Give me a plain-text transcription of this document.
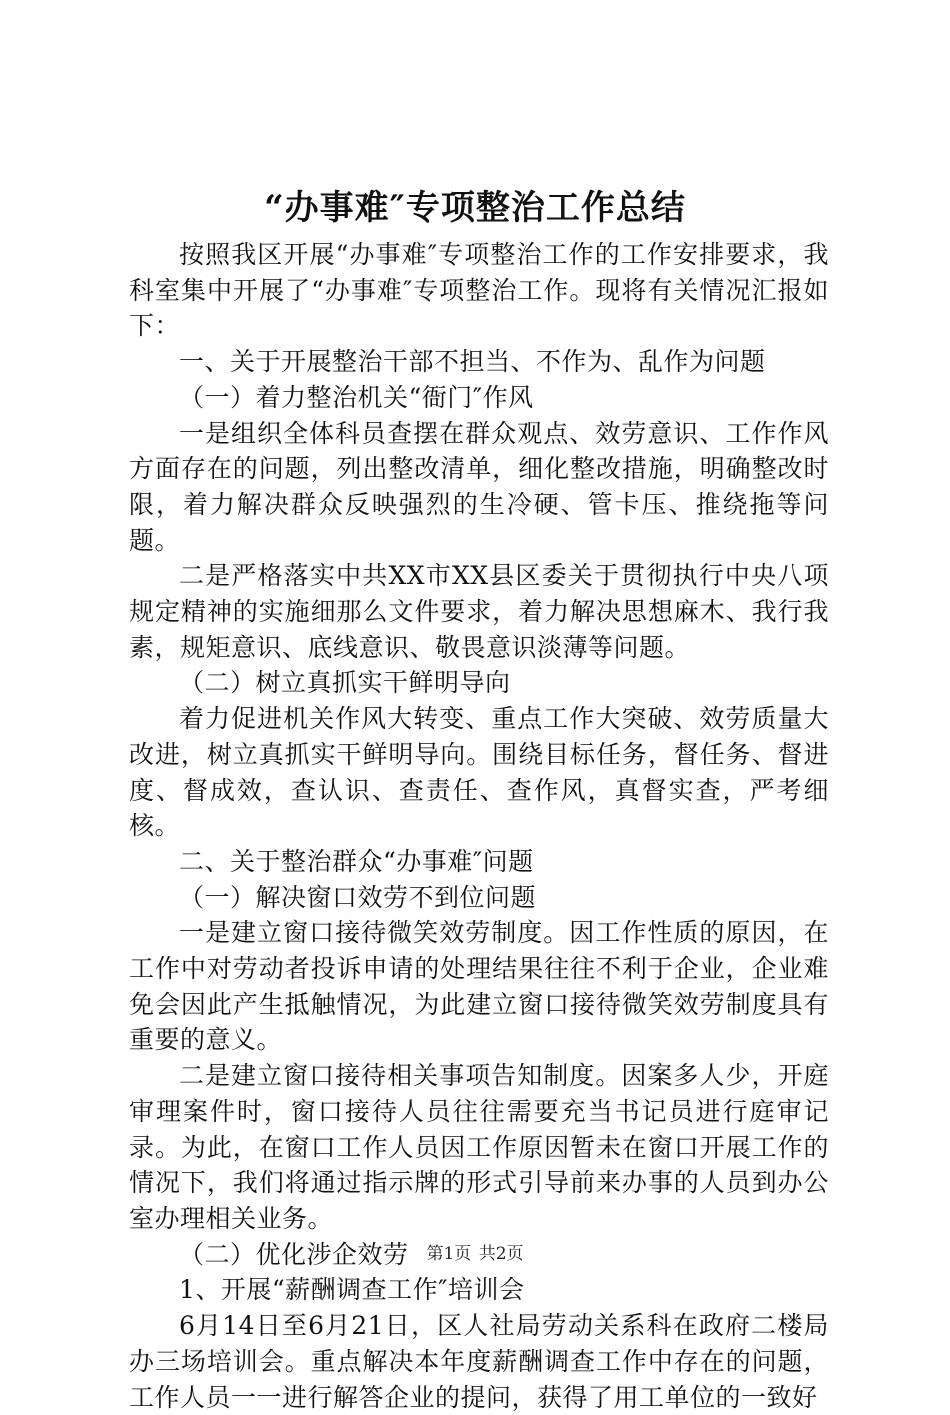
“办事难″专项整治工作总结

按照我区开展“办事难″专项整治工作的工作安排要求，我科室集中开展了“办事难″专项整治工作。现将有关情况汇报如下：

一、关于开展整治干部不担当、不作为、乱作为问题

（一）着力整治机关“衙门″作风

一是组织全体科员查摆在群众观点、效劳意识、工作作风方面存在的问题，列出整改清单，细化整改措施，明确整改时限，着力解决群众反映强烈的生冷硬、管卡压、推绕拖等问题。

二是严格落实中共XX市XX县区委关于贯彻执行中央八项规定精神的实施细那么文件要求，着力解决思想麻木、我行我素，规矩意识、底线意识、敬畏意识淡薄等问题。

（二）树立真抓实干鲜明导向

着力促进机关作风大转变、重点工作大突破、效劳质量大改进，树立真抓实干鲜明导向。围绕目标任务，督任务、督进度、督成效，查认识、查责任、查作风，真督实查，严考细核。

二、关于整治群众“办事难″问题

（一）解决窗口效劳不到位问题

一是建立窗口接待微笑效劳制度。因工作性质的原因，在工作中对劳动者投诉申请的处理结果往往不利于企业，企业难免会因此产生抵触情况，为此建立窗口接待微笑效劳制度具有重要的意义。

二是建立窗口接待相关事项告知制度。因案多人少，开庭审理案件时，窗口接待人员往往需要充当书记员进行庭审记录。为此，在窗口工作人员因工作原因暂未在窗口开展工作的情况下，我们将通过指示牌的形式引导前来办事的人员到办公室办理相关业务。

（二）优化涉企效劳

1、开展“薪酬调查工作″培训会

6月14日至6月21日，区人社局劳动关系科在政府二楼局办三场培训会。重点解决本年度薪酬调查工作中存在的问题，工作人员一一进行解答企业的提问，获得了用工单位的一致好

第1页 共2页
